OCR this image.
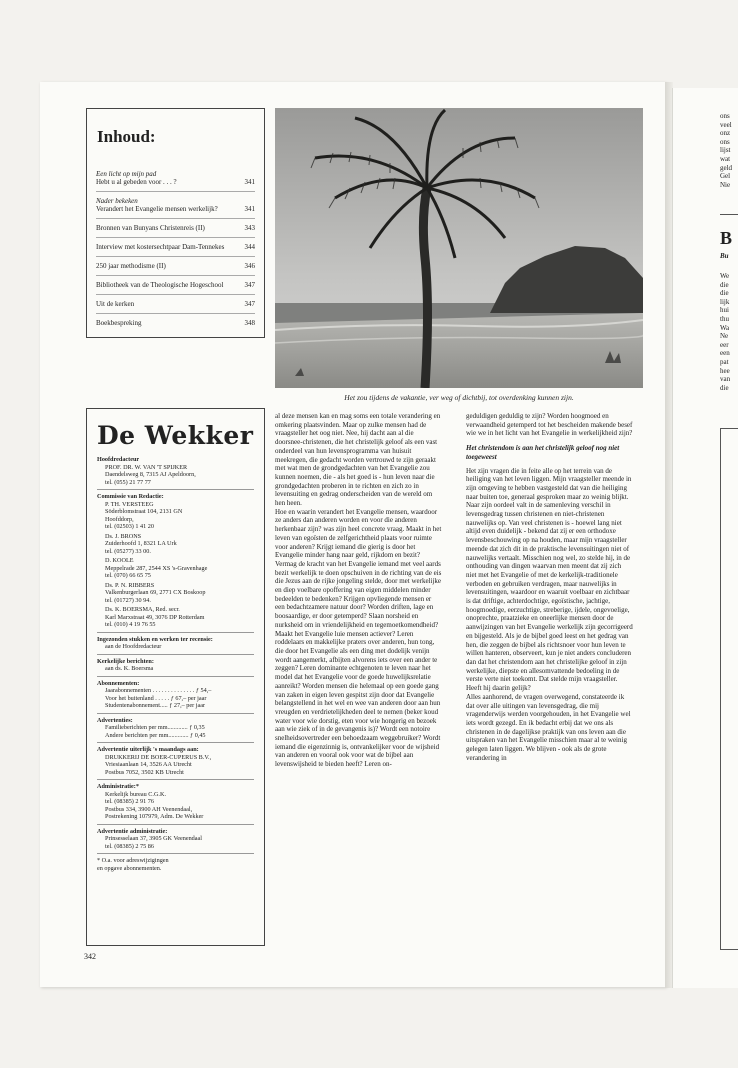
Inhoud:
Een licht op mijn pad
Hebt u al gebeden voor . . . ?	341
Nader bekeken
Verandert het Evangelie mensen werkelijk?	341
Bronnen van Bunyans Christenreis (II)	343
Interview met kostersechtpaar Dam-Tennekes	344
250 jaar methodisme (II)	346
Bibliotheek van de Theologische Hogeschool	347
Uit de kerken	347
Boekbespreking	348
Het zou tijdens de vakantie, ver weg of dichtbij, tot overdenking kunnen zijn.
De Wekker
Hoofdredacteur
PROF. DR. W. VAN 'T SPIJKER
Daendelsweg 8, 7315 AJ Apeldoorn,
tel. (055) 21 77 77
Commissie van Redactie:
P. TH. VERSTEEG
Söderblomstraat 104, 2131 GN
Hoofddorp,
tel. (02503) 1 41 20
Ds. J. BRONS
Zuiderhoofd 1, 8321 LA Urk
tel. (05277) 33 00.
D. KOOLE
Meppelrade 287, 2544 XS 's-Gravenhage
tel. (070) 66 65 75
Ds. P. N. RIBBERS
Valkenburgerlaan 69, 2771 CX Boskoop
tel. (01727) 30 94.
Ds. K. BOERSMA, Red. secr.
Karl Marxstraat 49, 3076 DP Rotterdam
tel. (010) 4 19 76 55
Ingezonden stukken en werken ter recensie:
aan de Hoofdredacteur
Kerkelijke berichten:
aan ds. K. Boersma
Abonnementen:
Jaarabonnementen . . . . . . . . . . . . . . ƒ 54,–
Voor het buitenland . . . . . ƒ 67,– per jaar
Studentenabonnement..... ƒ 27,– per jaar
Advertenties:
Familieberichten per mm............. ƒ 0,35
Andere berichten per mm............. ƒ 0,45
Advertentie uiterlijk 's maandags aan:
DRUKKERIJ DE BOER-CUPERUS B.V.,
Vriesiaanlaan 14, 3526 AA Utrecht
Postbus 7052, 3502 KB Utrecht
Administratie:*
Kerkelijk bureau C.G.K.
tel. (08385) 2 91 76
Postbus 334, 3900 AH Veenendaal,
Postrekening 107979, Adm. De Wekker
Advertentie administratie:
Prinsesselaan 37, 3905 GK Veenendaal
tel. (08385) 2 75 86
* O.a. voor adreswijzigingen
en opgave abonnementen.
342

al deze mensen kan en mag soms een totale verandering en omkering plaatsvinden. Maar op zulke mensen had de vraagsteller het oog niet. Nee, hij dacht aan al die doorsnee-christenen, die het christelijk geloof als een vast onderdeel van hun levensprogramma van huisuit meekregen, die gedacht worden vertrouwd te zijn geraakt met wat men de grondgedachten van het Evangelie zou kunnen noemen, die - als het goed is - hun leven naar die grondgedachten proberen in te richten en zich zo in levensuiting en gedrag onderscheiden van de wereld om hen heen.
Hoe en waarin verandert het Evangelie mensen, waardoor ze anders dan anderen worden en voor die anderen herkenbaar zijn? was zijn heel concrete vraag. Maakt in het leven van egoïsten de zelfgerichtheid plaats voor ruimte voor anderen? Krijgt iemand die gierig is door het Evangelie minder hang naar geld, rijkdom en bezit? Vermag de kracht van het Evangelie iemand met veel aards bezit werkelijk te doen opschuiven in de richting van de eis die Jezus aan de rijke jongeling stelde, door met werkelijke en diep voelbare opoffering van eigen middelen minder bedeelden te bedenken? Krijgen opvliegende mensen er een bedachtzamere natuur door? Worden driften, lage en boosaardige, er door getemperd? Slaan norsheid en nurksheid om in vriendelijkheid en tegemoetkomendheid? Maakt het Evangelie luie mensen actiever? Leren roddelaars en makkelijke praters over anderen, hun tong, die door het Evangelie als een ding met dodelijk venijn wordt aangemerkt, afbijten alvorens iets over een ander te zeggen? Leren dominante echtgenoten te leven naar het model dat het Evangelie voor de goede huwelijksrelatie aanreikt? Worden mensen die helemaal op een goede gang van zaken in eigen leven gespitst zijn door dat Evangelie belangstellend in het wel en wee van anderen door aan hun vreugden en verdrietelijkheden deel te nemen (beker koud water voor wie dorstig, eten voor wie hongerig en bezoek aan wie ziek of in de gevangenis is)? Wordt een notoire snelheidsovertreder een behoedzaam weggebruiker? Wordt iemand die eigenzinnig is, ontvankelijker voor de wijsheid van anderen en vooral ook voor wat de bijbel aan levenswijsheid te bieden heeft? Leren on-

geduldigen geduldig te zijn? Worden hoogmoed en verwaandheid getemperd tot het bescheiden makende besef wie we in het licht van het Evangelie in werkelijkheid zijn?

Het christendom is aan het christelijk geloof nog niet toegeweest

Het zijn vragen die in feite alle op het terrein van de heiliging van het leven liggen. Mijn vraagsteller meende in zijn omgeving te hebben vastgesteld dat van die heiliging naar buiten toe, generaal gesproken maar zo weinig blijkt. Naar zijn oordeel valt in de samenleving verschil in levensgedrag tussen christenen en niet-christenen nauwelijks op. Van veel christenen is - hoewel lang niet altijd even duidelijk - bekend dat zij er een orthodoxe levensbeschouwing op na houden, maar mijn vraagsteller meende dat zich dit in de praktische levensuitingen niet of nauwelijks vertaalt. Misschien nog wel, zo stelde hij, in de onthouding van dingen waarvan men meent dat zij zich niet met het Evangelie of met de kerkelijk-traditionele verboden en gebruiken verdragen, maar nauwelijks in levensuitingen, waardoor en waaruit voelbaar en zichtbaar is dat driftige, achterdochtige, egoïstische, jachtige, hoogmoedige, eerzuchtige, streberige, ijdele, ongevoelige, onoprechte, praatzieke en oneerlijke mensen door de aanwijzingen van het Evangelie werkelijk zijn gecorrigeerd en bijgesteld. Als je de bijbel goed leest en het gedrag van hen, die zeggen de bijbel als richtsnoer voor hun leven te willen hanteren, observeert, kun je niet anders concluderen dan dat het christendom aan het christelijke geloof in zijn werkelijke, diepste en allesomvattende bedoeling in de verste verte niet toekomt. Dat stelde mijn vraagsteller. Heeft hij daarin gelijk?
Alles aanhorend, de vragen overwegend, constateerde ik dat over alle uitingen van levensgedrag, die mij vragenderwijs werden voorgehouden, in het Evangelie wel iets wordt gezegd. En ik bedacht erbij dat we ons als christenen in de dagelijkse praktijk van ons leven aan die uitspraken van het Evangelie misschien maar al te weinig gelegen laten liggen. We blijven - ook als de grote verandering in

ons
veel
onz
ons
lijst
wat
geld
Gel
Nie
B
Bu
We
die
die
lijk
hui
thu
Wa
Ne
eer
een
pat
hee
van
die
